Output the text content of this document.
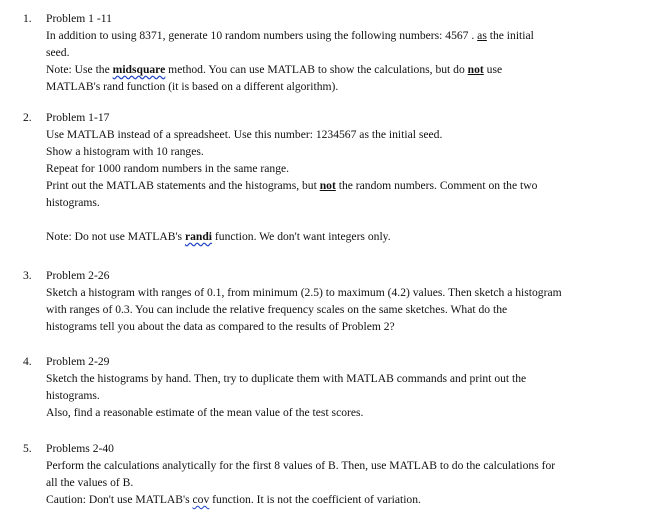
1. Problem 1 -11
In addition to using 8371, generate 10 random numbers using the following numbers: 4567 . as the initial
seed.
Note: Use the midsquare method. You can use MATLAB to show the calculations, but do not use
MATLAB's rand function (it is based on a different algorithm).
2. Problem 1-17
Use MATLAB instead of a spreadsheet. Use this number: 1234567 as the initial seed.
Show a histogram with 10 ranges.
Repeat for 1000 random numbers in the same range.
Print out the MATLAB statements and the histograms, but not the random numbers. Comment on the two
histograms.
Note: Do not use MATLAB's randi function. We don't want integers only.
3. Problem 2-26
Sketch a histogram with ranges of 0.1, from minimum (2.5) to maximum (4.2) values. Then sketch a histogram
with ranges of 0.3. You can include the relative frequency scales on the same sketches. What do the
histograms tell you about the data as compared to the results of Problem 2?
4. Problem 2-29
Sketch the histograms by hand. Then, try to duplicate them with MATLAB commands and print out the
histograms.
Also, find a reasonable estimate of the mean value of the test scores.
5. Problems 2-40
Perform the calculations analytically for the first 8 values of B. Then, use MATLAB to do the calculations for
all the values of B.
Caution: Don't use MATLAB's cov function. It is not the coefficient of variation.
